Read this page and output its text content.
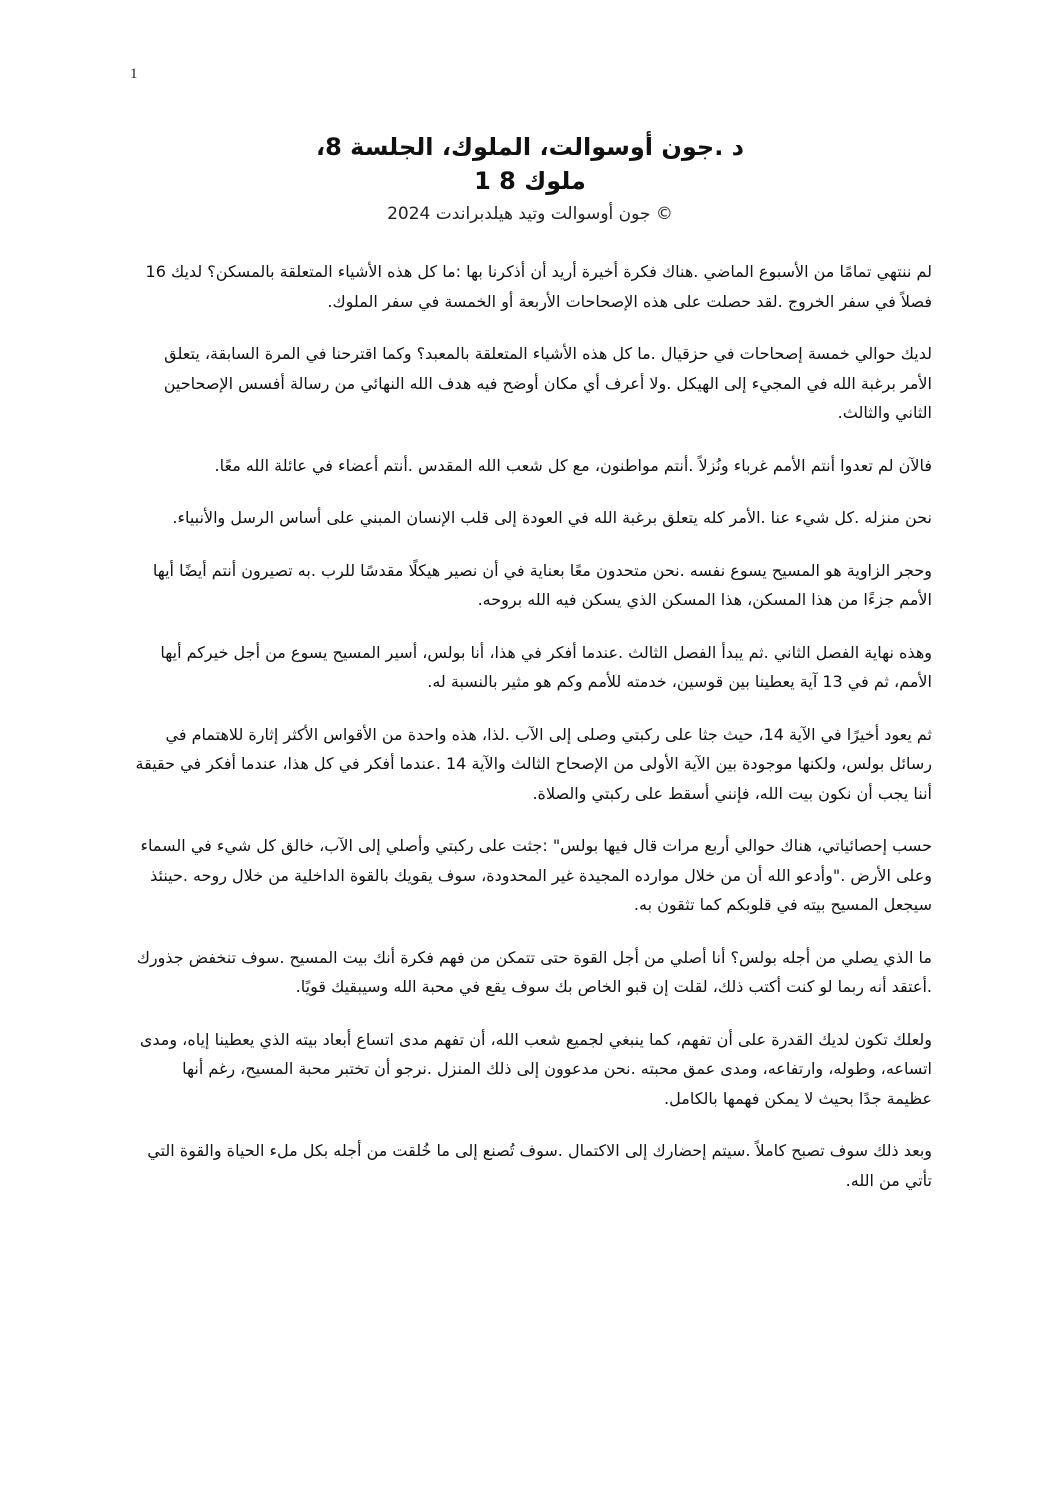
1
،د .جون أوسوالت، الملوك، الجلسة 8
ملوك 8 1
جون أوسوالت وتيد هيلدبراندت 2024 ©

لم ننتهي تمامًا من الأسبوع الماضي .هناك فكرة أخيرة أريد أن أذكرنا بها :ما كل هذه الأشياء المتعلقة بالمسكن؟ لديك 16 فصلاً في سفر الخروج .لقد حصلت على هذه الإصحاحات الأربعة أو الخمسة في سفر الملوك.

لديك حوالي خمسة إصحاحات في حزقيال .ما كل هذه الأشياء المتعلقة بالمعبد؟ وكما اقترحنا في المرة السابقة، يتعلق الأمر برغبة الله في المجيء إلى الهيكل .ولا أعرف أي مكان أوضح فيه هدف الله النهائي من رسالة أفسس الإصحاحين الثاني والثالث.

فالآن لم تعدوا أنتم الأمم غرباء ونُزلاً .أنتم مواطنون، مع كل شعب الله المقدس .أنتم أعضاء في عائلة الله معًا.

نحن منزله .كل شيء عنا .الأمر كله يتعلق برغبة الله في العودة إلى قلب الإنسان المبني على أساس الرسل والأنبياء.

وحجر الزاوية هو المسيح يسوع نفسه .نحن متحدون معًا بعناية في أن نصير هيكلًا مقدسًا للرب .به تصيرون أنتم أيضًا أيها الأمم جزءًا من هذا المسكن، هذا المسكن الذي يسكن فيه الله بروحه.

وهذه نهاية الفصل الثاني .ثم يبدأ الفصل الثالث .عندما أفكر في هذا، أنا بولس، أسير المسيح يسوع من أجل خيركم أيها الأمم، ثم في 13 آية يعطينا بين قوسين، خدمته للأمم وكم هو مثير بالنسبة له.

ثم يعود أخيرًا في الآية 14، حيث جثا على ركبتي وصلى إلى الآب .لذا، هذه واحدة من الأقواس الأكثر إثارة للاهتمام في رسائل بولس، ولكنها موجودة بين الآية الأولى من الإصحاح الثالث والآية 14 .عندما أفكر في كل هذا، عندما أفكر في حقيقة أننا يجب أن نكون بيت الله، فإنني أسقط على ركبتي والصلاة.

حسب إحصائياتي، هناك حوالي أربع مرات قال فيها بولس" :جثت على ركبتي وأصلي إلى الآب، خالق كل شيء في السماء وعلى الأرض ."وأدعو الله أن من خلال موارده المجيدة غير المحدودة، سوف يقويك بالقوة الداخلية من خلال روحه .حينئذ سيجعل المسيح بيته في قلوبكم كما تثقون به.

ما الذي يصلي من أجله بولس؟ أنا أصلي من أجل القوة حتى تتمكن من فهم فكرة أنك بيت المسيح .سوف تنخفض جذورك .أعتقد أنه ربما لو كنت أكتب ذلك، لقلت إن قبو الخاص بك سوف يقع في محبة الله وسيبقيك قويًا.

ولعلك تكون لديك القدرة على أن تفهم، كما ينبغي لجميع شعب الله، أن تفهم مدى اتساع أبعاد بيته الذي يعطينا إياه، ومدى اتساعه، وطوله، وارتفاعه، ومدى عمق محبته .نحن مدعوون إلى ذلك المنزل .نرجو أن تختبر محبة المسيح، رغم أنها عظيمة جدًا بحيث لا يمكن فهمها بالكامل.

وبعد ذلك سوف تصبح كاملاً .سيتم إحضارك إلى الاكتمال .سوف تُصنع إلى ما خُلقت من أجله بكل ملء الحياة والقوة التي تأتي من الله.
